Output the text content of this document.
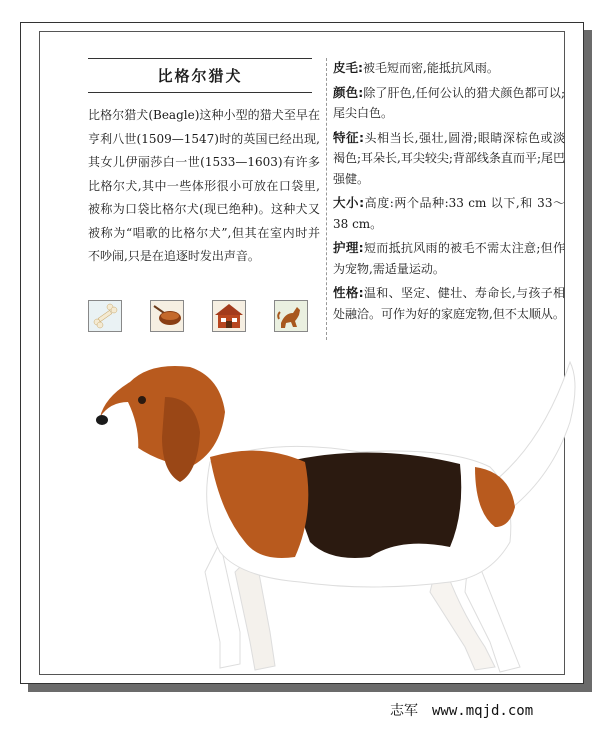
比格尔猎犬
比格尔猎犬(Beagle)这种小型的猎犬至早在亨利八世(1509—1547)时的英国已经出现,其女儿伊丽莎白一世(1533—1603)有许多比格尔犬,其中一些体形很小可放在口袋里,被称为口袋比格尔犬(现已绝种)。这种犬又被称为“唱歌的比格尔犬”,但其在室内时并不吵闹,只是在追逐时发出声音。
皮毛:被毛短而密,能抵抗风雨。
颜色:除了肝色,任何公认的猎犬颜色都可以;尾尖白色。
特征:头相当长,强壮,圆滑;眼睛深棕色或淡褐色;耳朵长,耳尖较尖;背部线条直而平;尾巴强健。
大小:高度:两个品种:33 cm 以下,和 33～38 cm。
护理:短而抵抗风雨的被毛不需太注意;但作为宠物,需适量运动。
性格:温和、坚定、健壮、寿命长,与孩子相处融洽。可作为好的家庭宠物,但不太顺从。
志军 www.mqjd.com
